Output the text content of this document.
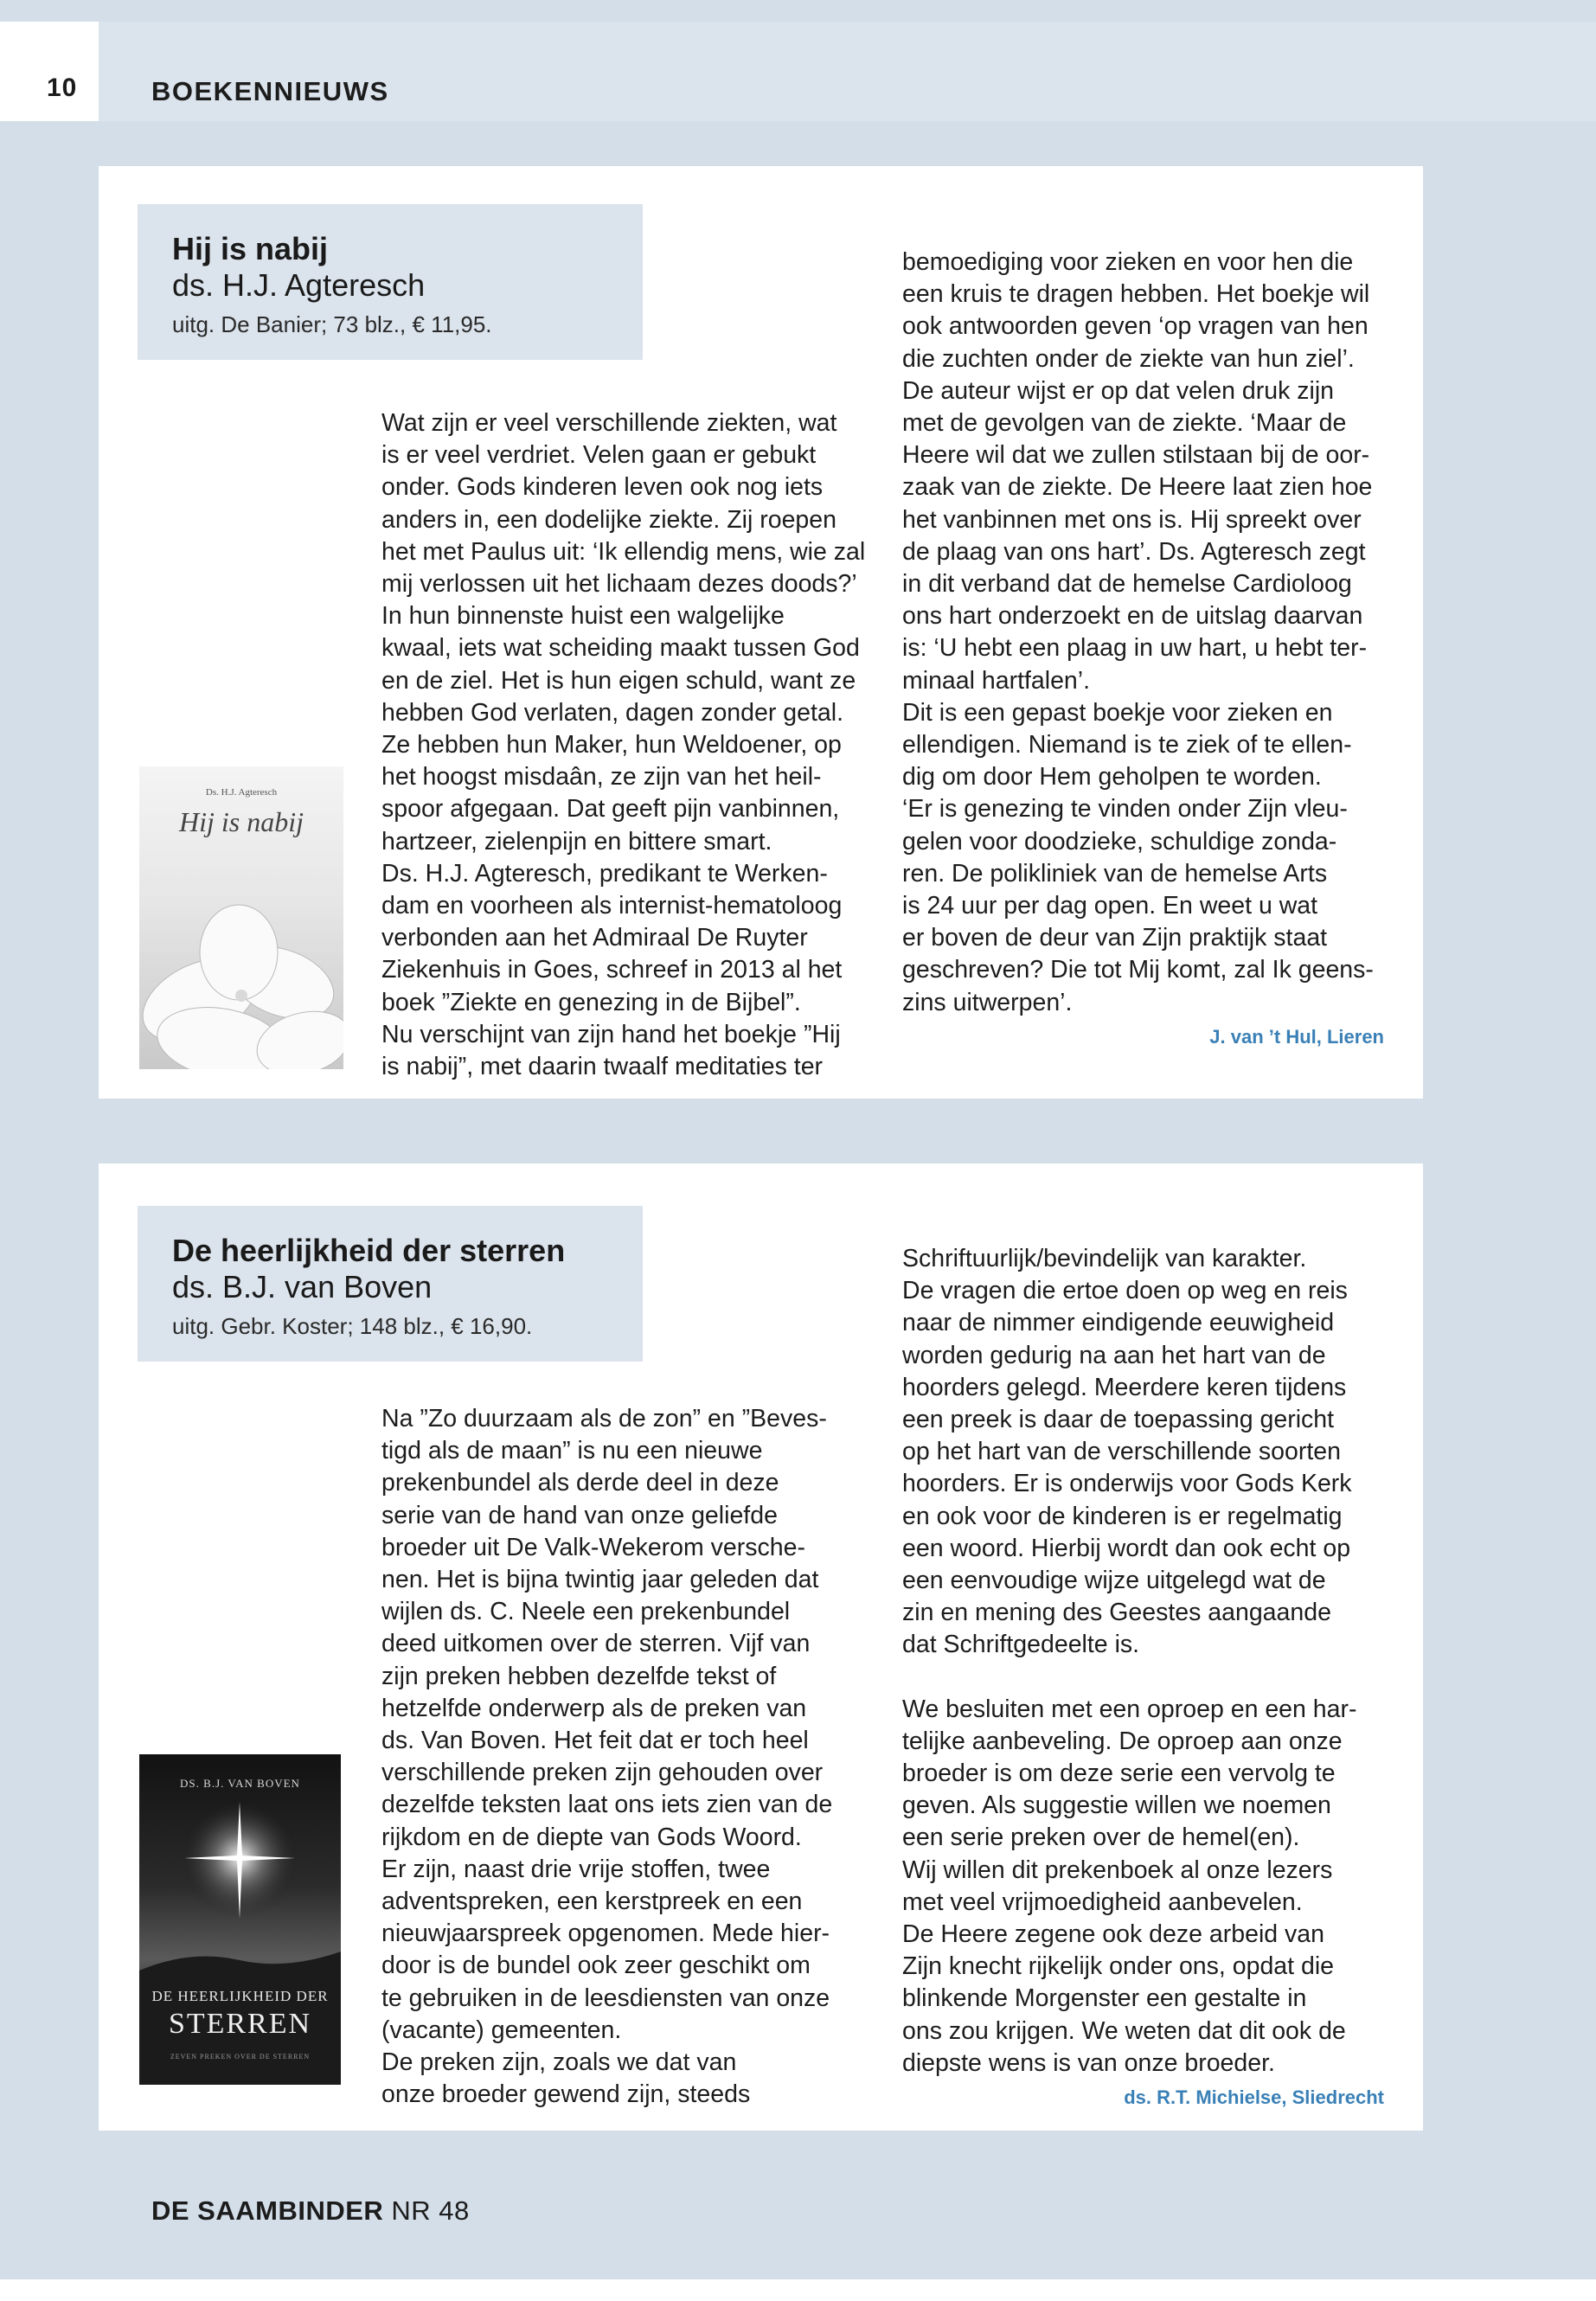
10	BOEKENNIEUWS
Hij is nabij
ds. H.J. Agteresch
uitg. De Banier; 73 blz., € 11,95.
Ds. H.J. Agteresch
Hij is nabij

Wat zijn er veel verschillende ziekten, wat

is er veel verdriet. Velen gaan er gebukt

onder. Gods kinderen leven ook nog iets

anders in, een dodelijke ziekte. Zij roepen

het met Paulus uit: ‘Ik ellendig mens, wie zal

mij verlossen uit het lichaam dezes doods?’

In hun binnenste huist een walgelijke

kwaal, iets wat scheiding maakt tussen God

en de ziel. Het is hun eigen schuld, want ze

hebben God verlaten, dagen zonder getal.

Ze hebben hun Maker, hun Weldoener, op

het hoogst misdaân, ze zijn van het heil-

spoor afgegaan. Dat geeft pijn vanbinnen,

hartzeer, zielenpijn en bittere smart.

Ds. H.J. Agteresch, predikant te Werken-

dam en voorheen als internist-hematoloog

verbonden aan het Admiraal De Ruyter

Ziekenhuis in Goes, schreef in 2013 al het

boek ”Ziekte en genezing in de Bijbel”.

Nu verschijnt van zijn hand het boekje ”Hij

is nabij”, met daarin twaalf meditaties ter

bemoediging voor zieken en voor hen die

een kruis te dragen hebben. Het boekje wil

ook antwoorden geven ‘op vragen van hen

die zuchten onder de ziekte van hun ziel’.

De auteur wijst er op dat velen druk zijn

met de gevolgen van de ziekte. ‘Maar de

Heere wil dat we zullen stilstaan bij de oor-

zaak van de ziekte. De Heere laat zien hoe

het vanbinnen met ons is. Hij spreekt over

de plaag van ons hart’. Ds. Agteresch zegt

in dit verband dat de hemelse Cardioloog

ons hart onderzoekt en de uitslag daarvan

is: ‘U hebt een plaag in uw hart, u hebt ter-

minaal hartfalen’.

Dit is een gepast boekje voor zieken en

ellendigen. Niemand is te ziek of te ellen-

dig om door Hem geholpen te worden.

‘Er is genezing te vinden onder Zijn vleu-

gelen voor doodzieke, schuldige zonda-

ren. De polikliniek van de hemelse Arts

is 24 uur per dag open. En weet u wat

er boven de deur van Zijn praktijk staat

geschreven? Die tot Mij komt, zal Ik geens-

zins uitwerpen’.

J. van ’t Hul, Lieren
De heerlijkheid der sterren
ds. B.J. van Boven
uitg. Gebr. Koster; 148 blz., € 16,90.
DS. B.J. VAN BOVEN
DE HEERLIJKHEID DER
STERREN
ZEVEN PREKEN OVER DE STERREN

Na ”Zo duurzaam als de zon” en ”Beves-

tigd als de maan” is nu een nieuwe

prekenbundel als derde deel in deze

serie van de hand van onze geliefde

broeder uit De Valk-Wekerom verschе-

nen. Het is bijna twintig jaar geleden dat

wijlen ds. C. Neele een prekenbundel

deed uitkomen over de sterren. Vijf van

zijn preken hebben dezelfde tekst of

hetzelfde onderwerp als de preken van

ds. Van Boven. Het feit dat er toch heel

verschillende preken zijn gehouden over

dezelfde teksten laat ons iets zien van de

rijkdom en de diepte van Gods Woord.

Er zijn, naast drie vrije stoffen, twee

adventspreken, een kerstpreek en een

nieuwjaarspreek opgenomen. Mede hier-

door is de bundel ook zeer geschikt om

te gebruiken in de leesdiensten van onze

(vacante) gemeenten.

De preken zijn, zoals we dat van

onze broeder gewend zijn, steeds

Schriftuurlijk/bevindelijk van karakter.

De vragen die ertoe doen op weg en reis

naar de nimmer eindigende eeuwigheid

worden gedurig na aan het hart van de

hoorders gelegd. Meerdere keren tijdens

een preek is daar de toepassing gericht

op het hart van de verschillende soorten

hoorders. Er is onderwijs voor Gods Kerk

en ook voor de kinderen is er regelmatig

een woord. Hierbij wordt dan ook echt op

een eenvoudige wijze uitgelegd wat de

zin en mening des Geestes aangaande

dat Schriftgedeelte is.

We besluiten met een oproep en een har-

telijke aanbeveling. De oproep aan onze

broeder is om deze serie een vervolg te

geven. Als suggestie willen we noemen

een serie preken over de hemel(en).

Wij willen dit prekenboek al onze lezers

met veel vrijmoedigheid aanbevelen.

De Heere zegene ook deze arbeid van

Zijn knecht rijkelijk onder ons, opdat die

blinkende Morgenster een gestalte in

ons zou krijgen. We weten dat dit ook de

diepste wens is van onze broeder.

ds. R.T. Michielse, Sliedrecht
DE SAAMBINDER NR 48
